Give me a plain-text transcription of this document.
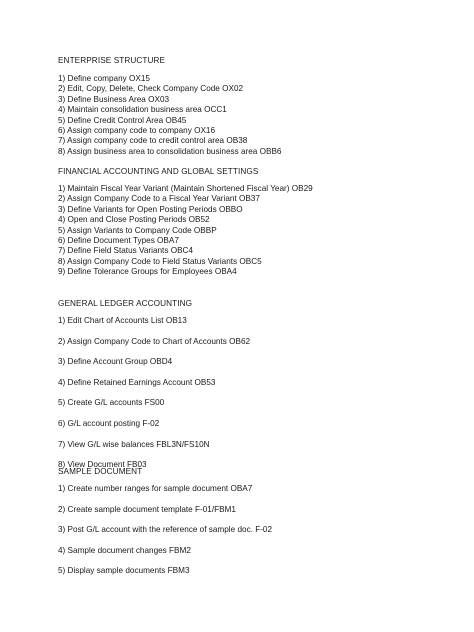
ENTERPRISE STRUCTURE
1) Define company OX15
2) Edit, Copy, Delete, Check Company Code OX02
3) Define Business Area OX03
4) Maintain consolidation business area OCC1
5) Define Credit Control Area OB45
6) Assign company code to company OX16
7) Assign company code to credit control area OB38
8) Assign business area to consolidation business area OBB6
FINANCIAL ACCOUNTING AND GLOBAL SETTINGS
1) Maintain Fiscal Year Variant (Maintain Shortened Fiscal Year) OB29
2) Assign Company Code to a Fiscal Year Variant OB37
3) Define Variants for Open Posting Periods OBBO
4) Open and Close Posting Periods OB52
5) Assign Variants to Company Code OBBP
6) Define Document Types OBA7
7) Define Field Status Variants OBC4
8) Assign Company Code to Field Status Variants OBC5
9) Define Tolerance Groups for Employees OBA4
GENERAL LEDGER ACCOUNTING
1) Edit Chart of Accounts List OB13
2) Assign Company Code to Chart of Accounts OB62
3) Define Account Group OBD4
4) Define Retained Earnings Account OB53
5) Create G/L accounts FS00
6) G/L account posting F-02
7) View G/L wise balances FBL3N/FS10N
8) View Document FB03
SAMPLE DOCUMENT
1) Create number ranges for sample document OBA7
2) Create sample document template F-01/FBM1
3) Post G/L account with the reference of sample doc. F-02
4) Sample document changes FBM2
5) Display sample documents FBM3
